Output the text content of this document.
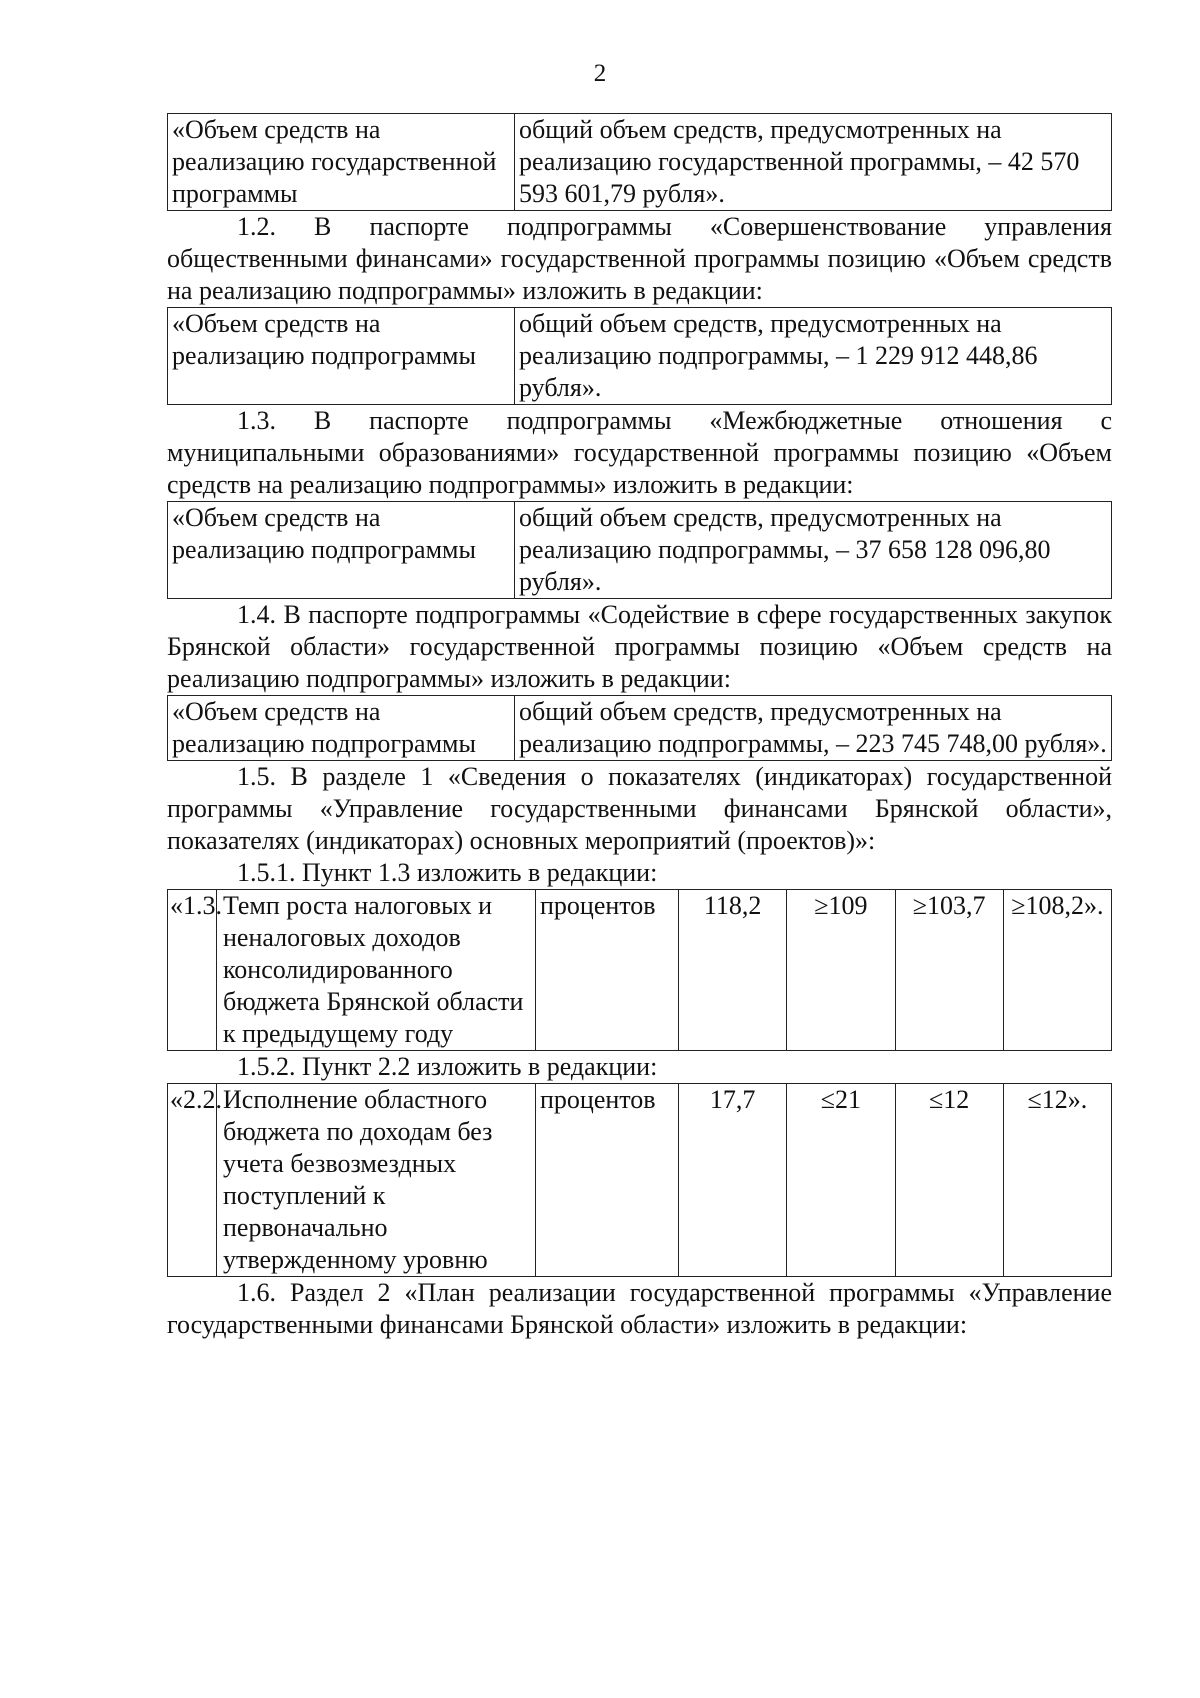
2
«Объем средств на реализацию государственной программы	общий объем средств, предусмотренных на реализацию государственной программы, – 42 570 593 601,79 рубля».

1.2. В паспорте подпрограммы «Совершенствование управления общественными финансами» государственной программы позицию «Объем средств на реализацию подпрограммы» изложить в редакции:

«Объем средств на реализацию подпрограммы	общий объем средств, предусмотренных на реализацию подпрограммы, – 1 229 912 448,86 рубля».

1.3. В паспорте подпрограммы «Межбюджетные отношения с муниципальными образованиями» государственной программы позицию «Объем средств на реализацию подпрограммы» изложить в редакции:

«Объем средств на реализацию подпрограммы	общий объем средств, предусмотренных на реализацию подпрограммы, – 37 658 128 096,80 рубля».

1.4. В паспорте подпрограммы «Содействие в сфере государственных закупок Брянской области» государственной программы позицию «Объем средств на реализацию подпрограммы» изложить в редакции:

«Объем средств на реализацию подпрограммы	общий объем средств, предусмотренных на реализацию подпрограммы, – 223 745 748,00 рубля».

1.5. В разделе 1 «Сведения о показателях (индикаторах) государственной программы «Управление государственными финансами Брянской области», показателях (индикаторах) основных мероприятий (проектов)»:

1.5.1. Пункт 1.3 изложить в редакции:

«1.3.	Темп роста налоговых и неналоговых доходов консолидированного бюджета Брянской области к предыдущему году	процентов	118,2	≥109	≥103,7	≥108,2».

1.5.2. Пункт 2.2 изложить в редакции:

«2.2.	Исполнение областного бюджета по доходам без учета безвозмездных поступлений к первоначально утвержденному уровню	процентов	17,7	≤21	≤12	≤12».

1.6. Раздел 2 «План реализации государственной программы «Управление государственными финансами Брянской области» изложить в редакции:
